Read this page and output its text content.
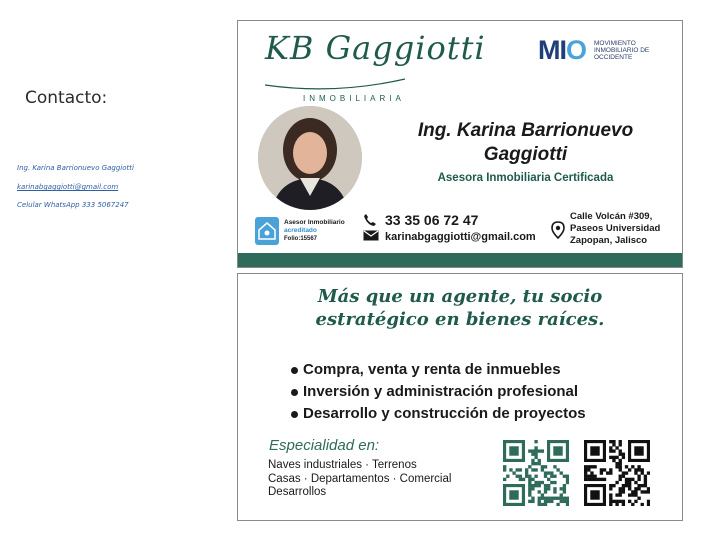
Contacto:
Ing. Karina Barrionuevo Gaggiotti
karinabgaggiotti@gmail.com
Celular WhatsApp 333 5067247
KB Gaggiotti
INMOBILIARIA
MIO MOVIMIENTO INMOBILIARIO DE OCCIDENTE
Ing. Karina Barrionuevo
Gaggiotti
Asesora Inmobiliaria Certificada
Asesor Inmobiliario
acreditado
Folio:15567
33 35 06 72 47
karinabgaggiotti@gmail.com
Calle Volcán #309,
Paseos Universidad
Zapopan, Jalisco
Más que un agente, tu socio
estratégico en bienes raíces.
Compra, venta y renta de inmuebles
Inversión y administración profesional
Desarrollo y construcción de proyectos
Especialidad en:
Naves industriales · Terrenos
Casas · Departamentos · Comercial
Desarrollos
